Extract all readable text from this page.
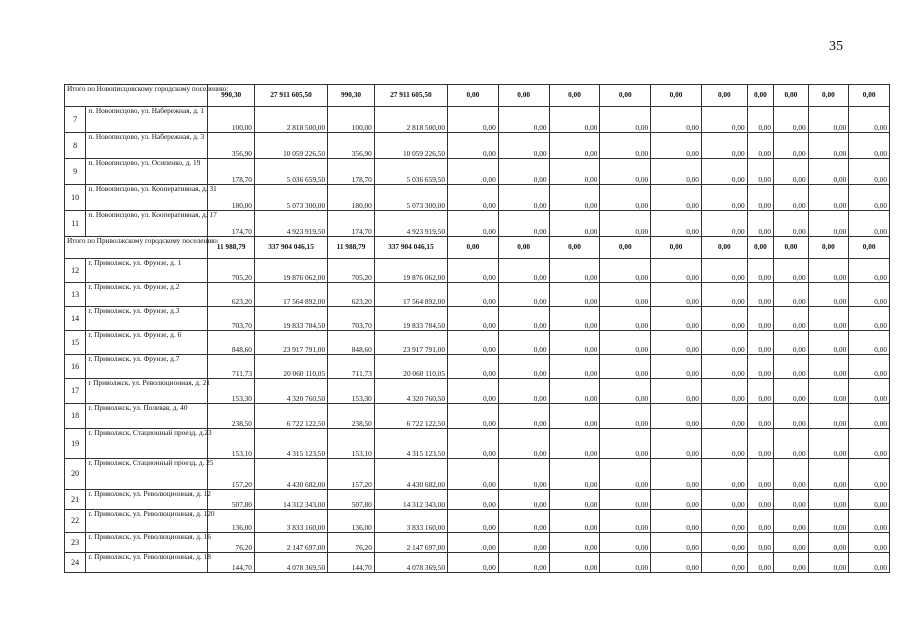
35
Итого по Новописцовскому городскому поселению:		990,30	27 911 605,50	990,30	27 911 605,50	0,00	0,00	0,00	0,00	0,00	0,00	0,00	0,00	0,00	0,00
7	п. Новописцово, ул. Набережная, д. 1	100,00	2 818 500,00	100,00	2 818 500,00	0,00	0,00	0,00	0,00	0,00	0,00	0,00	0,00	0,00	0,00
8	п. Новописцово, ул. Набережная, д. 3	356,90	10 059 226,50	356,90	10 059 226,50	0,00	0,00	0,00	0,00	0,00	0,00	0,00	0,00	0,00	0,00
9	п. Новописцово, ул. Осипенко, д. 19	178,70	5 036 659,50	178,70	5 036 659,50	0,00	0,00	0,00	0,00	0,00	0,00	0,00	0,00	0,00	0,00
10	п. Новописцово, ул. Кооперативная, д. 31	180,00	5 073 300,00	180,00	5 073 300,00	0,00	0,00	0,00	0,00	0,00	0,00	0,00	0,00	0,00	0,00
11	п. Новописцово, ул. Кооперативная, д. 17	174,70	4 923 919,50	174,70	4 923 919,50	0,00	0,00	0,00	0,00	0,00	0,00	0,00	0,00	0,00	0,00
Итого по Приволжскому городскому поселению:		11 988,79	337 904 046,15	11 988,79	337 904 046,15	0,00	0,00	0,00	0,00	0,00	0,00	0,00	0,00	0,00	0,00
12	г. Приволжск, ул. Фрунзе, д. 1	705,20	19 876 062,00	705,20	19 876 062,00	0,00	0,00	0,00	0,00	0,00	0,00	0,00	0,00	0,00	0,00
13	г. Приволжск, ул. Фрунзе, д.2	623,20	17 564 892,00	623,20	17 564 892,00	0,00	0,00	0,00	0,00	0,00	0,00	0,00	0,00	0,00	0,00
14	г. Приволжск, ул. Фрунзе, д.3	703,70	19 833 784,50	703,70	19 833 784,50	0,00	0,00	0,00	0,00	0,00	0,00	0,00	0,00	0,00	0,00
15	г. Приволжск, ул. Фрунзе, д. 6	848,60	23 917 791,00	848,60	23 917 791,00	0,00	0,00	0,00	0,00	0,00	0,00	0,00	0,00	0,00	0,00
16	г. Приволжск, ул. Фрунзе, д.7	711,73	20 060 110,05	711,73	20 060 110,05	0,00	0,00	0,00	0,00	0,00	0,00	0,00	0,00	0,00	0,00
17	г Приволжск, ул. Революционная, д. 21	153,30	4 320 760,50	153,30	4 320 760,50	0,00	0,00	0,00	0,00	0,00	0,00	0,00	0,00	0,00	0,00
18	г. Приволжск, ул. Полевая, д. 40	238,50	6 722 122,50	238,50	6 722 122,50	0,00	0,00	0,00	0,00	0,00	0,00	0,00	0,00	0,00	0,00
19	г. Приволжск, Стационный проезд, д.23	153,10	4 315 123,50	153,10	4 315 123,50	0,00	0,00	0,00	0,00	0,00	0,00	0,00	0,00	0,00	0,00
20	г. Приволжск, Стационный проезд, д. 25	157,20	4 430 682,00	157,20	4 430 682,00	0,00	0,00	0,00	0,00	0,00	0,00	0,00	0,00	0,00	0,00
21	г. Приволжск, ул. Революционная, д. 12	507,80	14 312 343,00	507,80	14 312 343,00	0,00	0,00	0,00	0,00	0,00	0,00	0,00	0,00	0,00	0,00
22	г. Приволжск, ул. Революционная, д. 120	136,00	3 833 160,00	136,00	3 833 160,00	0,00	0,00	0,00	0,00	0,00	0,00	0,00	0,00	0,00	0,00
23	г. Приволжск, ул. Революционная, д. 16	76,20	2 147 697,00	76,20	2 147 697,00	0,00	0,00	0,00	0,00	0,00	0,00	0,00	0,00	0,00	0,00
24	г. Приволжск, ул. Революционная, д. 18	144,70	4 078 369,50	144,70	4 078 369,50	0,00	0,00	0,00	0,00	0,00	0,00	0,00	0,00	0,00	0,00
